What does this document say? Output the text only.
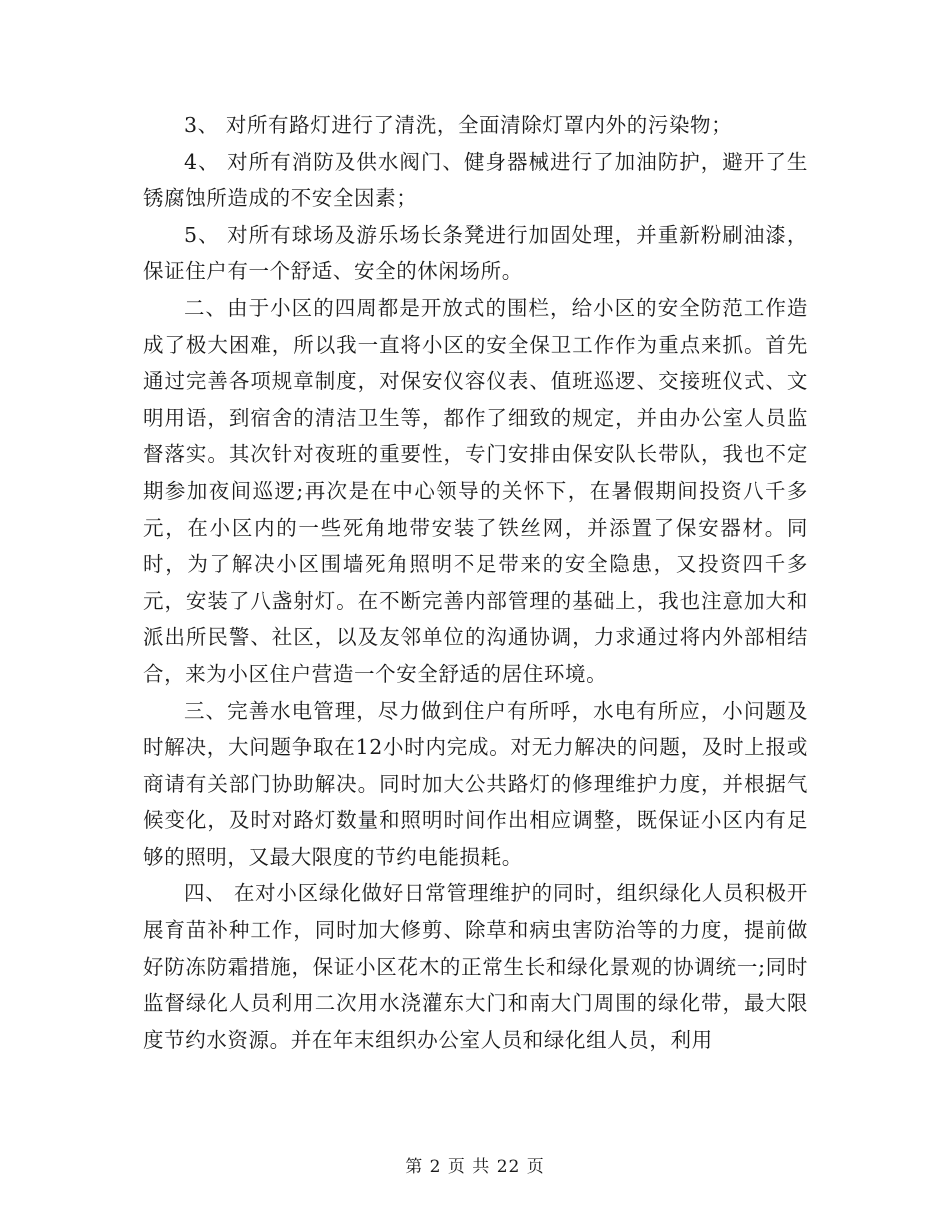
3、 对所有路灯进行了清洗，全面清除灯罩内外的污染物；

4、 对所有消防及供水阀门、健身器械进行了加油防护，避开了生锈腐蚀所造成的不安全因素；

5、 对所有球场及游乐场长条凳进行加固处理，并重新粉刷油漆，保证住户有一个舒适、安全的休闲场所。

二、由于小区的四周都是开放式的围栏，给小区的安全防范工作造成了极大困难，所以我一直将小区的安全保卫工作作为重点来抓。首先通过完善各项规章制度，对保安仪容仪表、值班巡逻、交接班仪式、文明用语，到宿舍的清洁卫生等，都作了细致的规定，并由办公室人员监督落实。其次针对夜班的重要性，专门安排由保安队长带队，我也不定期参加夜间巡逻;再次是在中心领导的关怀下，在暑假期间投资八千多元，在小区内的一些死角地带安装了铁丝网，并添置了保安器材。同时，为了解决小区围墙死角照明不足带来的安全隐患，又投资四千多元，安装了八盏射灯。在不断完善内部管理的基础上，我也注意加大和派出所民警、社区，以及友邻单位的沟通协调，力求通过将内外部相结合，来为小区住户营造一个安全舒适的居住环境。

三、完善水电管理，尽力做到住户有所呼，水电有所应，小问题及时解决，大问题争取在12小时内完成。对无力解决的问题，及时上报或商请有关部门协助解决。同时加大公共路灯的修理维护力度，并根据气候变化，及时对路灯数量和照明时间作出相应调整，既保证小区内有足够的照明，又最大限度的节约电能损耗。

四、 在对小区绿化做好日常管理维护的同时，组织绿化人员积极开展育苗补种工作，同时加大修剪、除草和病虫害防治等的力度，提前做好防冻防霜措施，保证小区花木的正常生长和绿化景观的协调统一;同时监督绿化人员利用二次用水浇灌东大门和南大门周围的绿化带，最大限度节约水资源。并在年末组织办公室人员和绿化组人员，利用

第 2 页 共 22 页
